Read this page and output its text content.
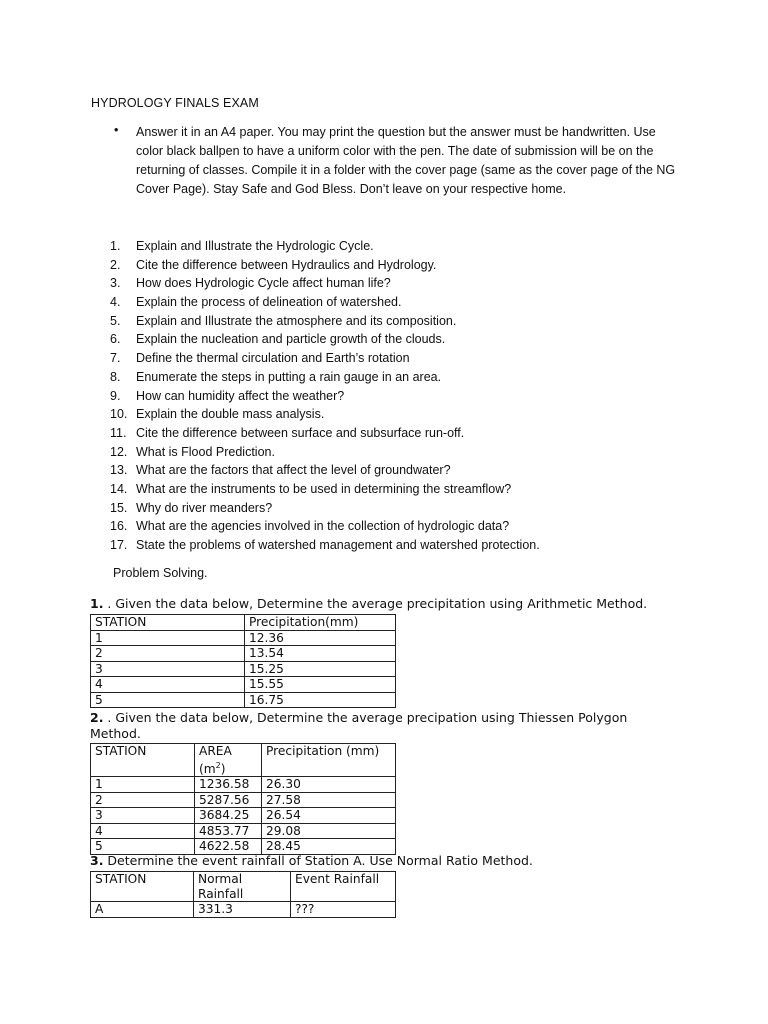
HYDROLOGY FINALS EXAM
• Answer it in an A4 paper. You may print the question but the answer must be handwritten. Use color black ballpen to have a uniform color with the pen. The date of submission will be on the returning of classes. Compile it in a folder with the cover page (same as the cover page of the NG Cover Page). Stay Safe and God Bless. Don’t leave on your respective home.
1. Explain and Illustrate the Hydrologic Cycle.
2. Cite the difference between Hydraulics and Hydrology.
3. How does Hydrologic Cycle affect human life?
4. Explain the process of delineation of watershed.
5. Explain and Illustrate the atmosphere and its composition.
6. Explain the nucleation and particle growth of the clouds.
7. Define the thermal circulation and Earth’s rotation
8. Enumerate the steps in putting a rain gauge in an area.
9. How can humidity affect the weather?
10. Explain the double mass analysis.
11. Cite the difference between surface and subsurface run-off.
12. What is Flood Prediction.
13. What are the factors that affect the level of groundwater?
14. What are the instruments to be used in determining the streamflow?
15. Why do river meanders?
16. What are the agencies involved in the collection of hydrologic data?
17. State the problems of watershed management and watershed protection.
Problem Solving.
1. . Given the data below, Determine the average precipitation using Arithmetic Method.
STATION	Precipitation(mm)
1	12.36
2	13.54
3	15.25
4	15.55
5	16.75
2. . Given the data below, Determine the average precipation using Thiessen Polygon Method.
STATION	AREA $(m^2)$	Precipitation (mm)
1	1236.58	26.30
2	5287.56	27.58
3	3684.25	26.54
4	4853.77	29.08
5	4622.58	28.45
3. Determine the event rainfall of Station A. Use Normal Ratio Method.
STATION	Normal Rainfall	Event Rainfall
A	331.3	???
